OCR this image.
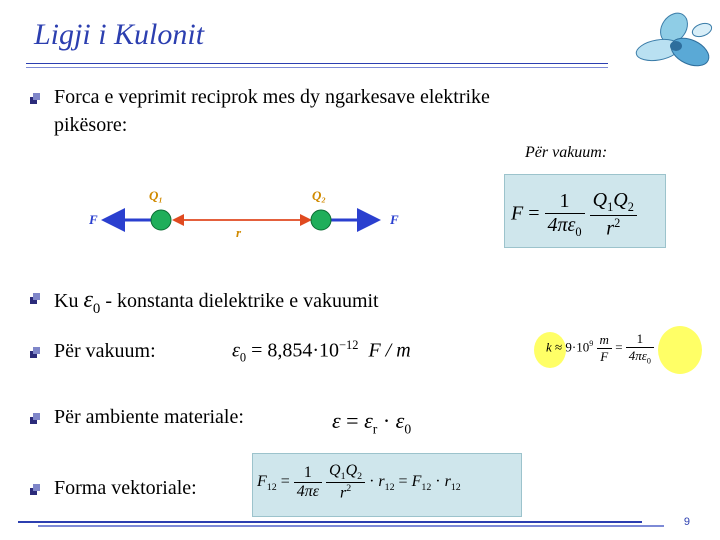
Ligji i Kulonit
Forca e veprimit reciprok mes dy ngarkesave elektrike
pikësore:
Q₁	Q₂
F	F
r
Për vakuum:
$F = \frac{1}{4\pi\varepsilon_0}$
$\frac{Q_1Q_2}{r^2}$
Ku $\varepsilon_0$ - konstanta dielektrike e vakuumit
Për vakuum:	$\varepsilon_0 = 8,854\cdot 10^{-12}$ F / m	$k \approx 9\cdot 10^9 \frac{m}{F} = \frac{1}{4\pi\varepsilon_0}$
Për ambiente materiale:	$\varepsilon = \varepsilon_r \cdot \varepsilon_0$
Forma vektoriale:	$F_{12} = \frac{1}{4\pi\varepsilon}$
$\frac{Q_1Q_2}{r^2} \cdot r_{12} = F_{12} \cdot r_{12}$
9
